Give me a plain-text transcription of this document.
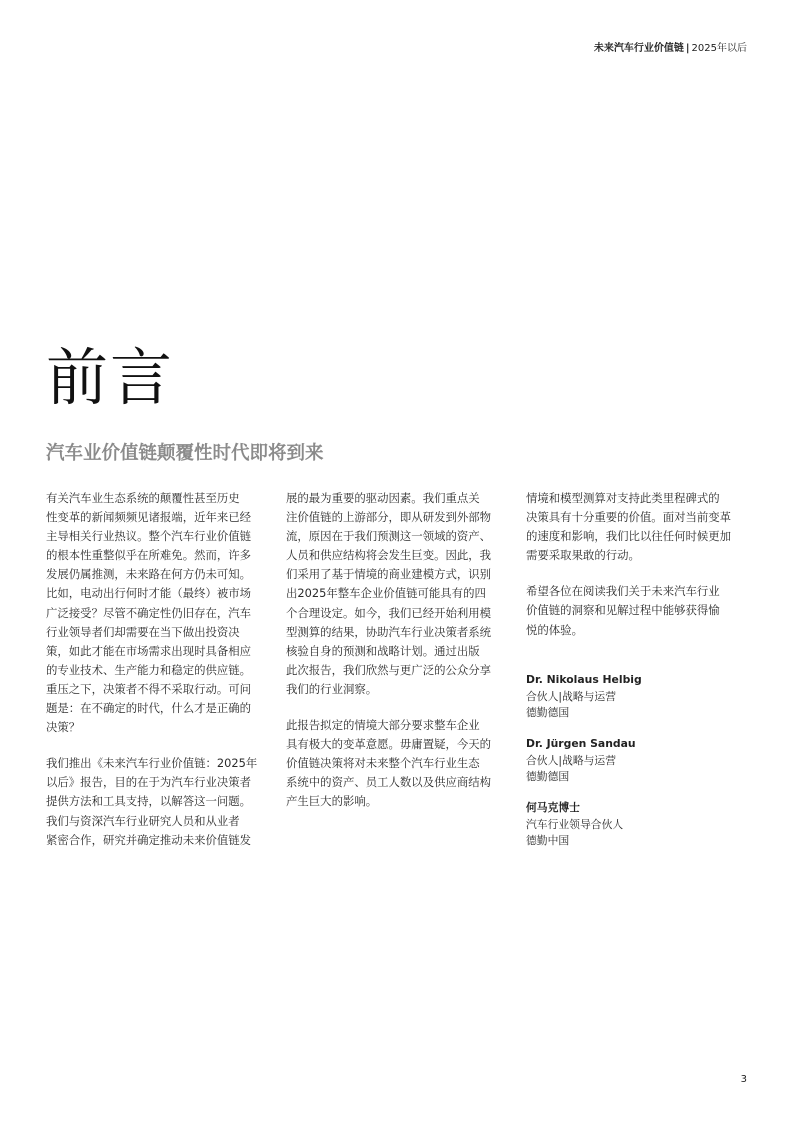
未来汽车行业价值链 | 2025年以后
前言
汽车业价值链颠覆性时代即将到来

有关汽车业生态系统的颠覆性甚至历史
性变革的新闻频频见诸报端，近年来已经
主导相关行业热议。整个汽车行业价值链
的根本性重整似乎在所难免。然而，许多
发展仍属推测，未来路在何方仍未可知。
比如，电动出行何时才能（最终）被市场
广泛接受？尽管不确定性仍旧存在，汽车
行业领导者们却需要在当下做出投资决
策，如此才能在市场需求出现时具备相应
的专业技术、生产能力和稳定的供应链。
重压之下，决策者不得不采取行动。可问
题是：在不确定的时代，什么才是正确的
决策？

我们推出《未来汽车行业价值链：2025年
以后》报告，目的在于为汽车行业决策者
提供方法和工具支持，以解答这一问题。
我们与资深汽车行业研究人员和从业者
紧密合作，研究并确定推动未来价值链发

展的最为重要的驱动因素。我们重点关
注价值链的上游部分，即从研发到外部物
流，原因在于我们预测这一领域的资产、
人员和供应结构将会发生巨变。因此，我
们采用了基于情境的商业建模方式，识别
出2025年整车企业价值链可能具有的四
个合理设定。如今，我们已经开始利用模
型测算的结果，协助汽车行业决策者系统
核验自身的预测和战略计划。通过出版
此次报告，我们欣然与更广泛的公众分享
我们的行业洞察。

此报告拟定的情境大部分要求整车企业
具有极大的变革意愿。毋庸置疑，今天的
价值链决策将对未来整个汽车行业生态
系统中的资产、员工人数以及供应商结构
产生巨大的影响。

情境和模型测算对支持此类里程碑式的
决策具有十分重要的价值。面对当前变革
的速度和影响，我们比以往任何时候更加
需要采取果敢的行动。

希望各位在阅读我们关于未来汽车行业
价值链的洞察和见解过程中能够获得愉
悦的体验。

Dr. Nikolaus Helbig
合伙人|战略与运营
德勤德国
Dr. Jürgen Sandau
合伙人|战略与运营
德勤德国
何马克博士
汽车行业领导合伙人
德勤中国
3
